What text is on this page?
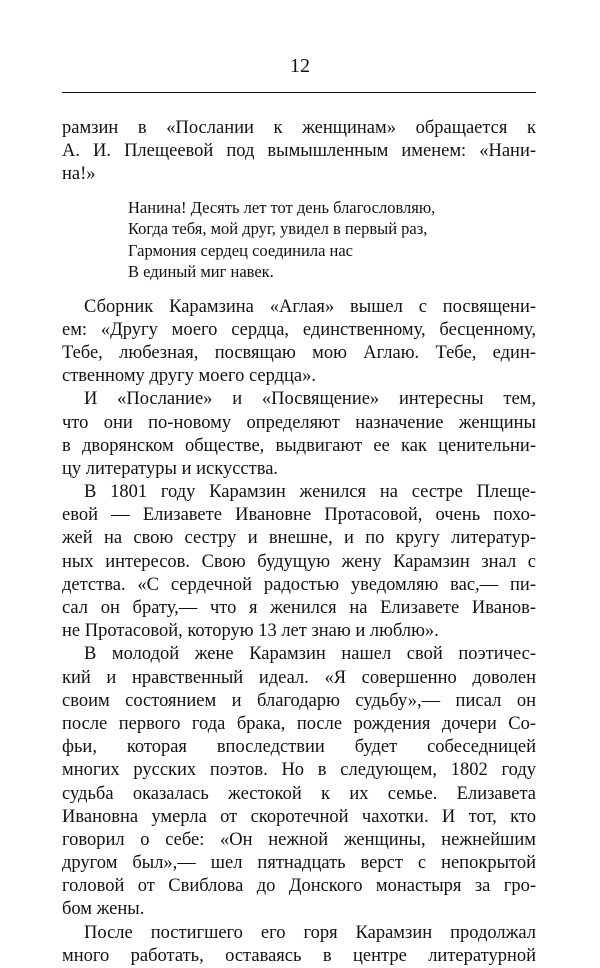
12
рамзин в «Послании к женщинам» обращается к
А. И. Плещеевой под вымышленным именем: «Нани-
на!»
Нанина! Десять лет тот день благословляю,
Когда тебя, мой друг, увидел в первый раз,
Гармония сердец соединила нас
В единый миг навек.
Сборник Карамзина «Аглая» вышел с посвящени-
ем: «Другу моего сердца, единственному, бесценному,
Тебе, любезная, посвящаю мою Аглаю. Тебе, един-
ственному другу моего сердца».
И «Послание» и «Посвящение» интересны тем,
что они по-новому определяют назначение женщины
в дворянском обществе, выдвигают ее как ценительни-
цу литературы и искусства.
В 1801 году Карамзин женился на сестре Плеще-
евой — Елизавете Ивановне Протасовой, очень похо-
жей на свою сестру и внешне, и по кругу литератур-
ных интересов. Свою будущую жену Карамзин знал с
детства. «С сердечной радостью уведомляю вас,— пи-
сал он брату,— что я женился на Елизавете Иванов-
не Протасовой, которую 13 лет знаю и люблю».
В молодой жене Карамзин нашел свой поэтичес-
кий и нравственный идеал. «Я совершенно доволен
своим состоянием и благодарю судьбу»,— писал он
после первого года брака, после рождения дочери Со-
фьи, которая впоследствии будет собеседницей
многих русских поэтов. Но в следующем, 1802 году
судьба оказалась жестокой к их семье. Елизавета
Ивановна умерла от скоротечной чахотки. И тот, кто
говорил о себе: «Он нежной женщины, нежнейшим
другом был»,— шел пятнадцать верст с непокрытой
головой от Свиблова до Донского монастыря за гро-
бом жены.
После постигшего его горя Карамзин продолжал
много работать, оставаясь в центре литературной
